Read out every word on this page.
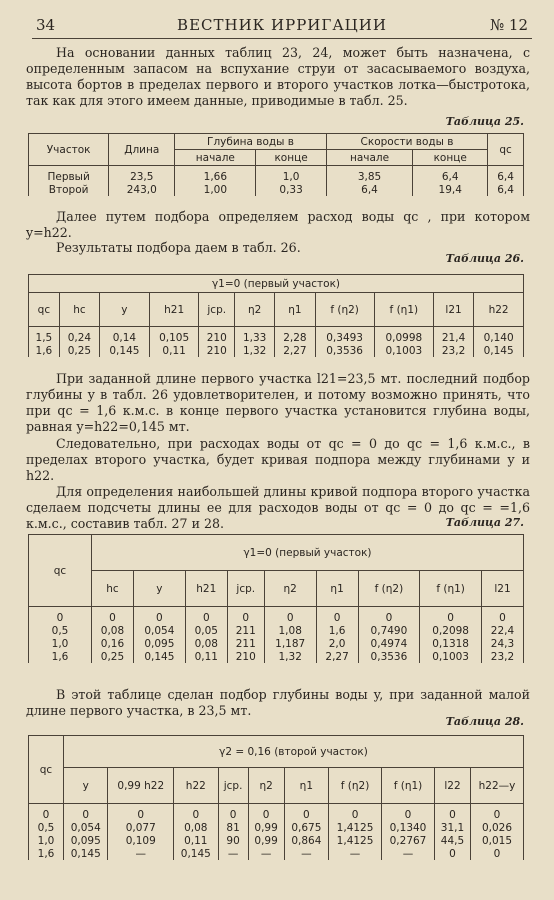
34	ВЕСТНИК ИРРИГАЦИИ	№ 12
На основании данных таблиц 23, 24, может быть назначена, с определенным запасом на вспухание струи от засасываемого воздуха, высота бортов в пределах первого и второго участков лотка—быстротока, так как для этого имеем данные, приводимые в табл. 25.
Таблица 25.
Участок	Длина	Глубина воды в		Скорости воды в		qc
		начале	конце	начале	конце	
Первый	23,5	1,66	1,0	3,85	6,4	6,4
Второй	243,0	1,00	0,33	6,4	19,4	6,4
Далее путем подбора определяем расход воды qc , при котором y=h22.
Результаты подбора даем в табл. 26.
Таблица 26.
γ1=0 (первый участок)										
qc	hc	y	h21	jср.	η2	η1	f (η2)	f (η1)	l21	h22
1,5	0,24	0,14	0,105	210	1,33	2,28	0,3493	0,0998	21,4	0,140
1,6	0,25	0,145	0,11	210	1,32	2,27	0,3536	0,1003	23,2	0,145
При заданной длине первого участка l21=23,5 мт. последний подбор глубины y в табл. 26 удовлетворителен, и потому возможно принять, что при qc = 1,6 к.м.с. в конце первого участка установится глубина воды, равная y=h22=0,145 мт.
Следовательно, при расходах воды от qc = 0 до qc = 1,6 к.м.с., в пределах второго участка, будет кривая подпора между глубинами y и h22.
Для определения наибольшей длины кривой подпора второго участка сделаем подсчеты длины ее для расходов воды от qc = 0 до qc = =1,6 к.м.с., составив табл. 27 и 28.	Таблица 27.
qc	γ1=0 (первый участок)								
	hc	y	h21	jср.	η2	η1	f (η2)	f (η1)	l21
0	0	0	0	0	0	0	0	0	0
0,5	0,08	0,054	0,05	211	1,08	1,6	0,7490	0,2098	22,4
1,0	0,16	0,095	0,08	211	1,187	2,0	0,4974	0,1318	24,3
1,6	0,25	0,145	0,11	210	1,32	2,27	0,3536	0,1003	23,2
В этой таблице сделан подбор глубины воды y, при заданной малой длине первого участка, в 23,5 мт.
Таблица 28.
qc	γ2 = 0,16 (второй участок)									
	y	0,99 h22	h22	jср.	η2	η1	f (η2)	f (η1)	l22	h22—y
0	0	0	0	0	0	0	0	0	0	0
0,5	0,054	0,077	0,08	81	0,99	0,675	1,4125	0,1340	31,1	0,026
1,0	0,095	0,109	0,11	90	0,99	0,864	1,4125	0,2767	44,5	0,015
1,6	0,145	—	0,145	—	—	—	—	—	0	0
